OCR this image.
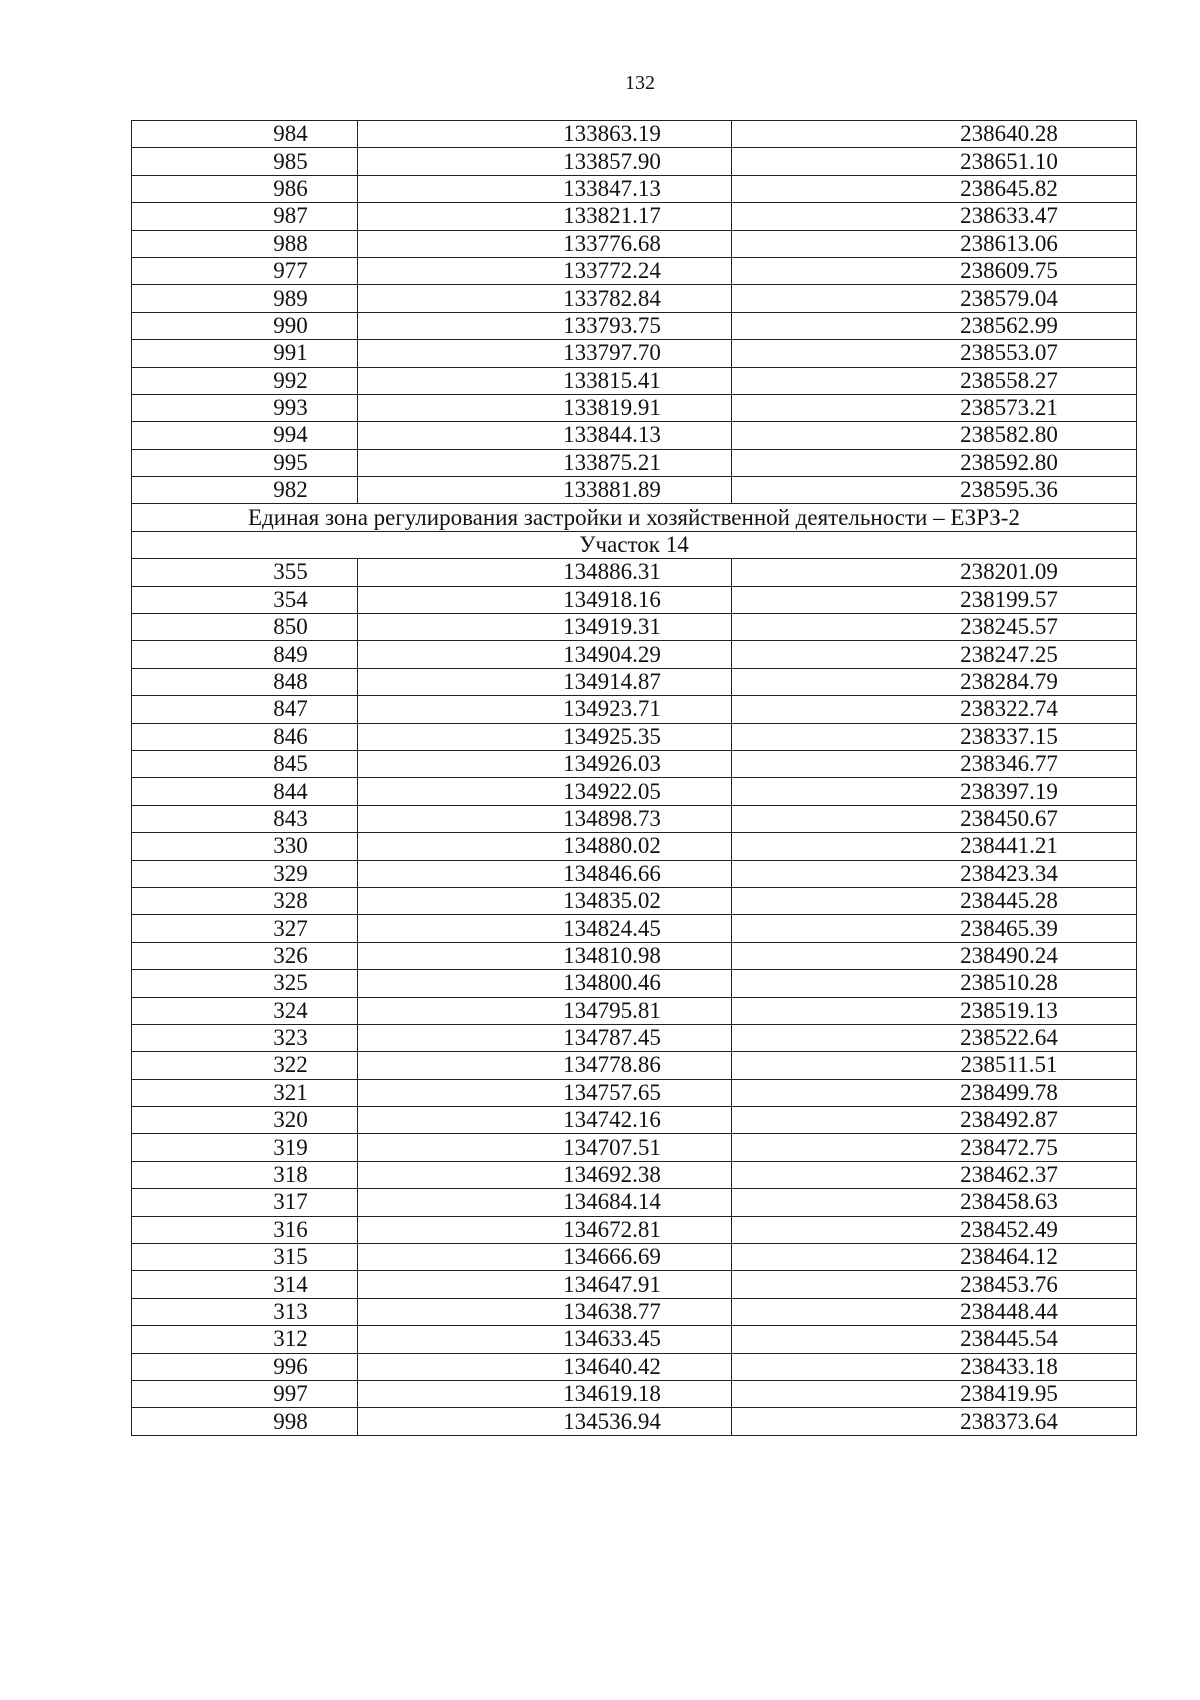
132
984	133863.19	238640.28
985	133857.90	238651.10
986	133847.13	238645.82
987	133821.17	238633.47
988	133776.68	238613.06
977	133772.24	238609.75
989	133782.84	238579.04
990	133793.75	238562.99
991	133797.70	238553.07
992	133815.41	238558.27
993	133819.91	238573.21
994	133844.13	238582.80
995	133875.21	238592.80
982	133881.89	238595.36
Единая зона регулирования застройки и хозяйственной деятельности – ЕЗРЗ-2		
Участок 14		
355	134886.31	238201.09
354	134918.16	238199.57
850	134919.31	238245.57
849	134904.29	238247.25
848	134914.87	238284.79
847	134923.71	238322.74
846	134925.35	238337.15
845	134926.03	238346.77
844	134922.05	238397.19
843	134898.73	238450.67
330	134880.02	238441.21
329	134846.66	238423.34
328	134835.02	238445.28
327	134824.45	238465.39
326	134810.98	238490.24
325	134800.46	238510.28
324	134795.81	238519.13
323	134787.45	238522.64
322	134778.86	238511.51
321	134757.65	238499.78
320	134742.16	238492.87
319	134707.51	238472.75
318	134692.38	238462.37
317	134684.14	238458.63
316	134672.81	238452.49
315	134666.69	238464.12
314	134647.91	238453.76
313	134638.77	238448.44
312	134633.45	238445.54
996	134640.42	238433.18
997	134619.18	238419.95
998	134536.94	238373.64
